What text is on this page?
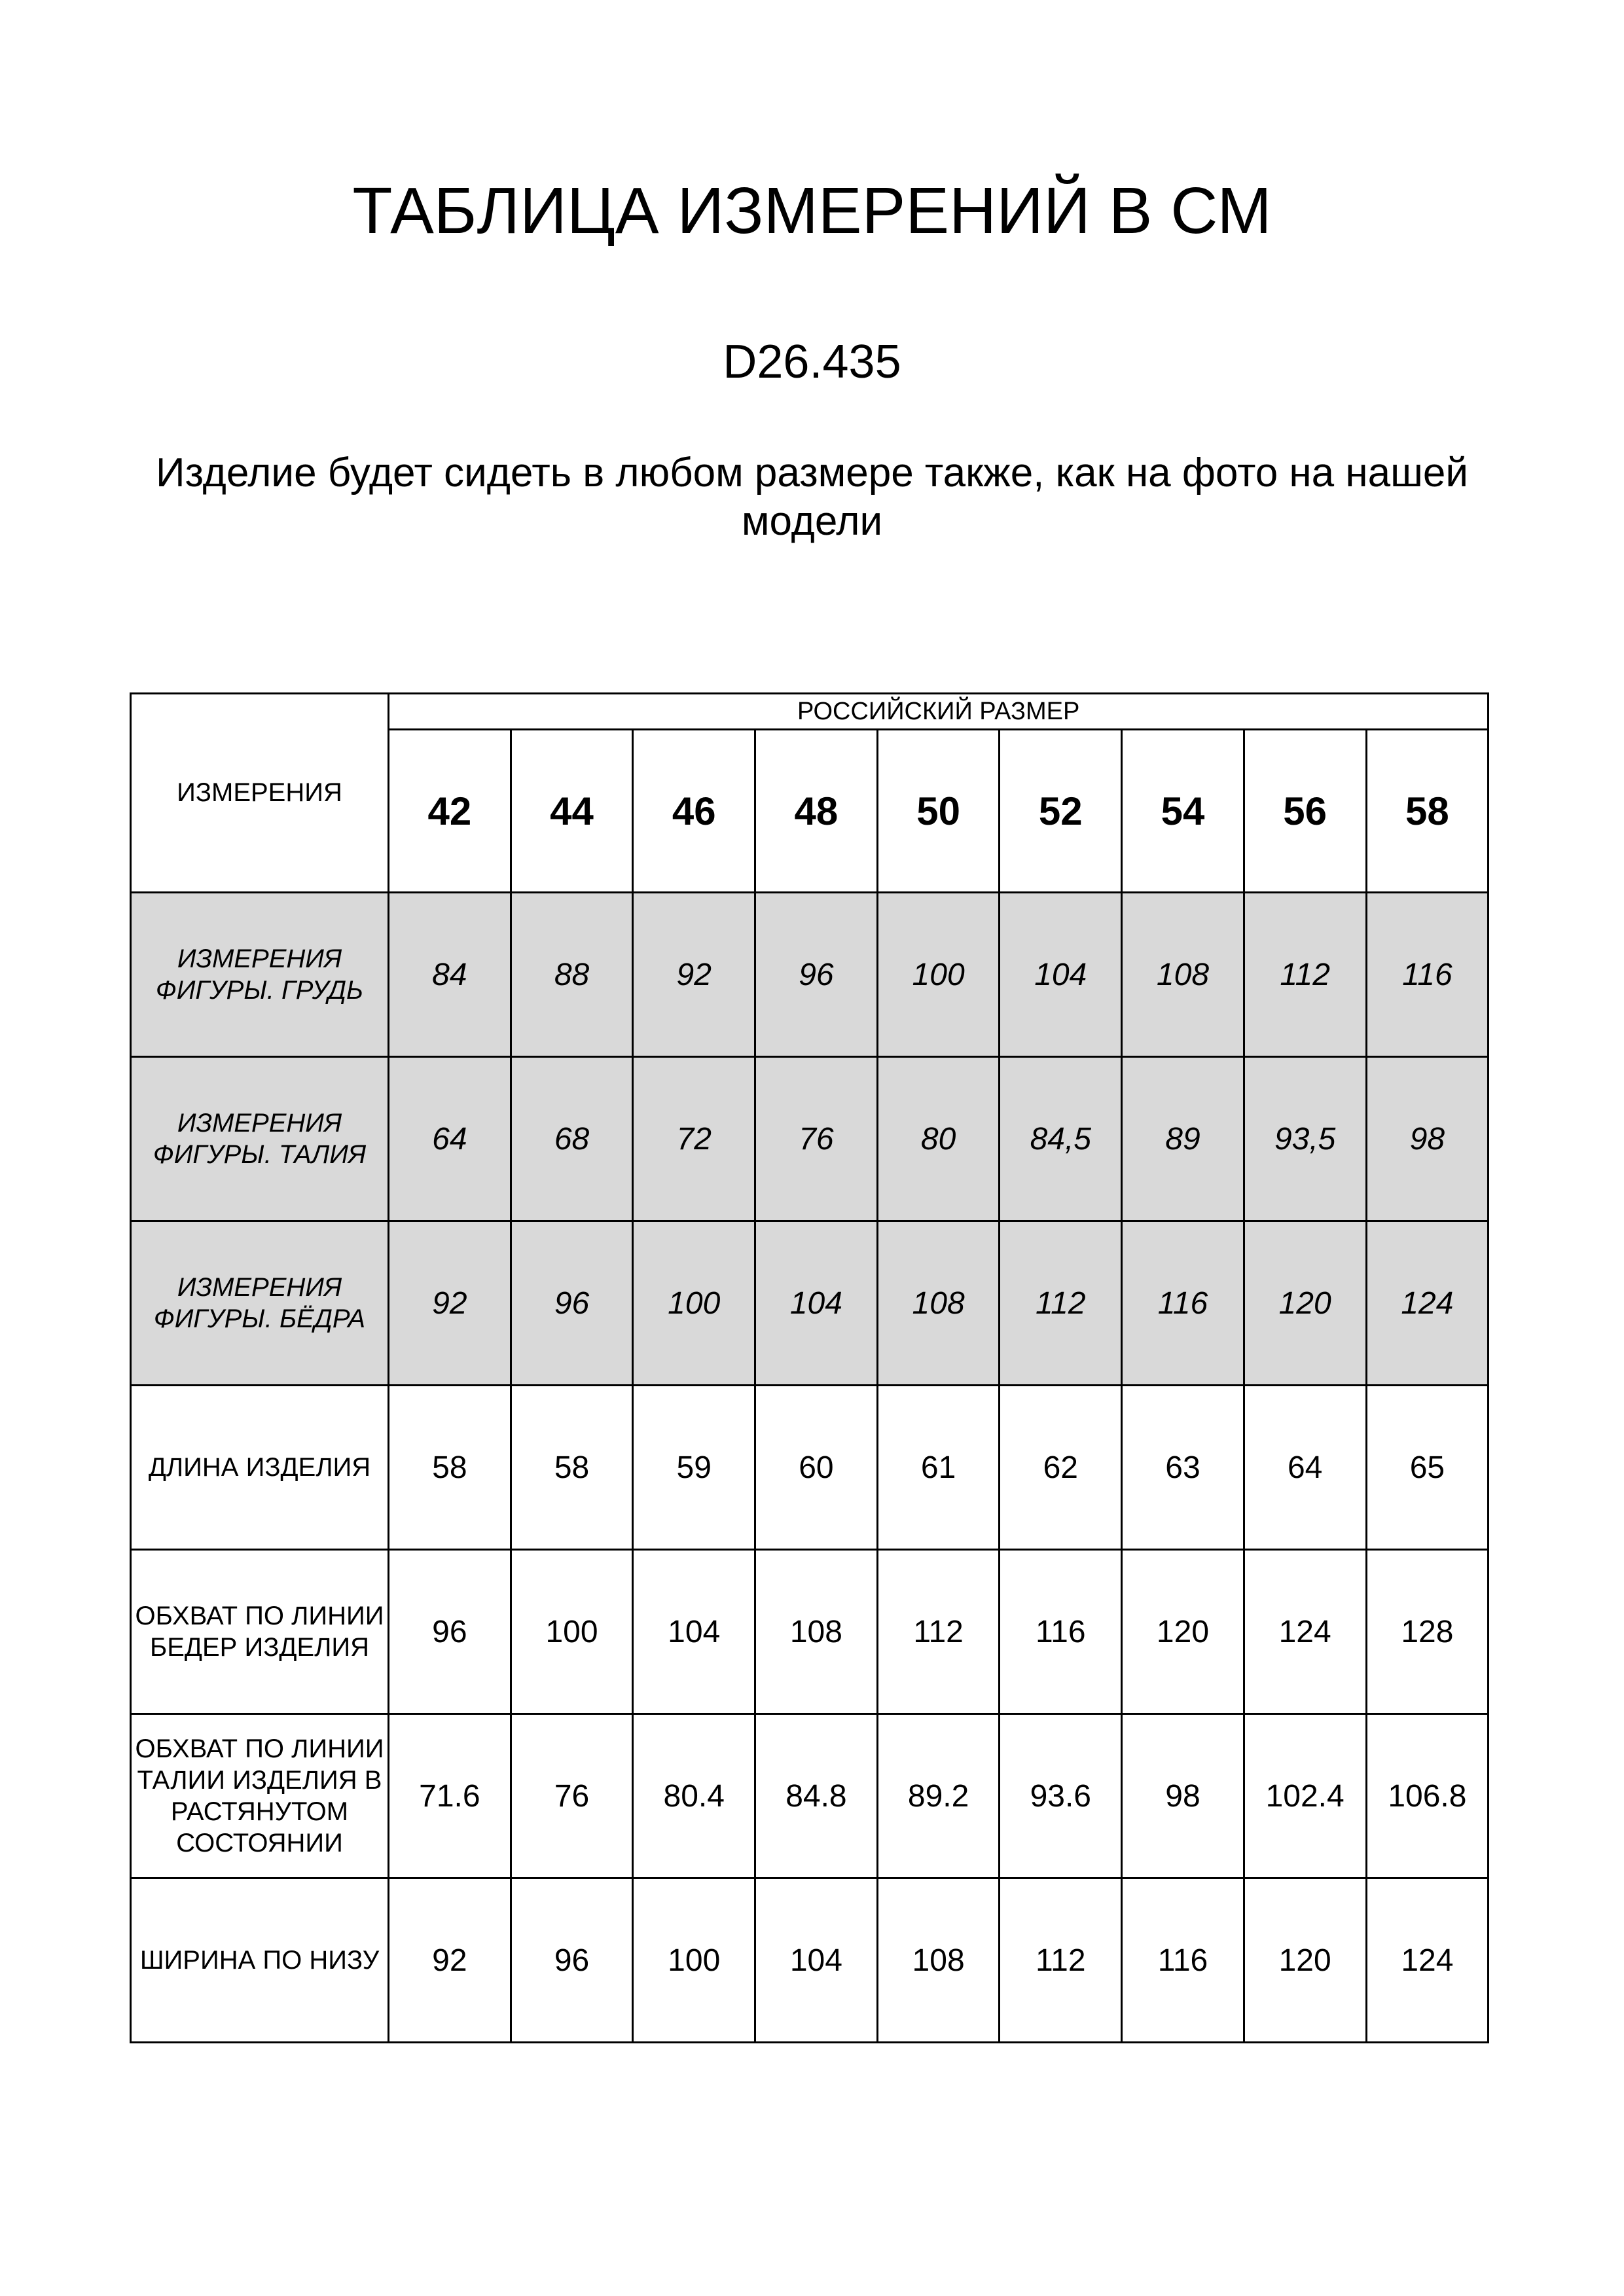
ТАБЛИЦА ИЗМЕРЕНИЙ В СМ
D26.435
Изделие будет сидеть в любом размере также, как на фото на нашей модели
ИЗМЕРЕНИЯ	РОССИЙСКИЙ РАЗМЕР								
	42	44	46	48	50	52	54	56	58
ИЗМЕРЕНИЯ ФИГУРЫ. ГРУДЬ	84	88	92	96	100	104	108	112	116
ИЗМЕРЕНИЯ ФИГУРЫ. ТАЛИЯ	64	68	72	76	80	84,5	89	93,5	98
ИЗМЕРЕНИЯ ФИГУРЫ. БЁДРА	92	96	100	104	108	112	116	120	124
ДЛИНА ИЗДЕЛИЯ	58	58	59	60	61	62	63	64	65
ОБХВАТ ПО ЛИНИИ БЕДЕР ИЗДЕЛИЯ	96	100	104	108	112	116	120	124	128
ОБХВАТ ПО ЛИНИИ ТАЛИИ ИЗДЕЛИЯ В РАСТЯНУТОМ СОСТОЯНИИ	71.6	76	80.4	84.8	89.2	93.6	98	102.4	106.8
ШИРИНА ПО НИЗУ	92	96	100	104	108	112	116	120	124
